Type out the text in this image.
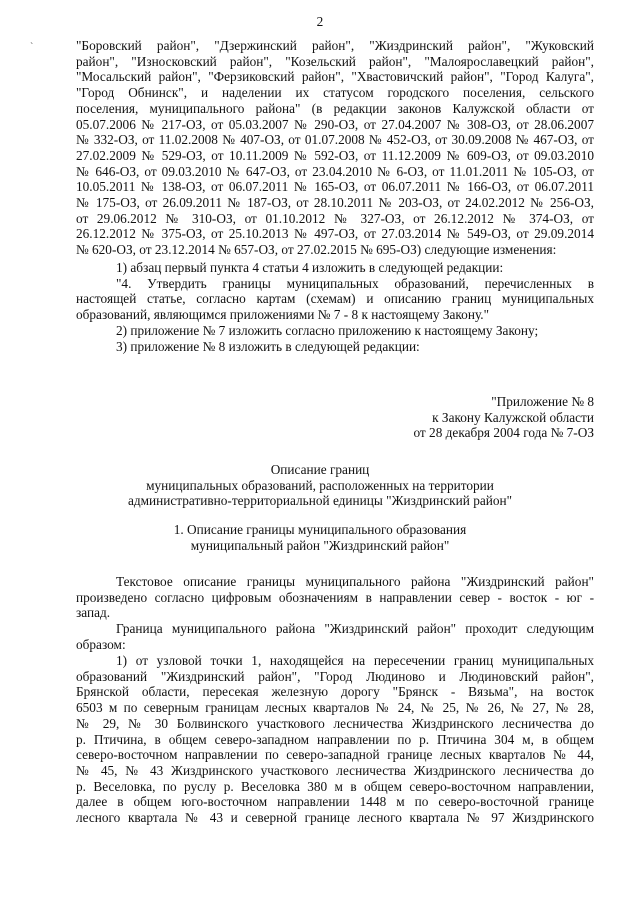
2
ˋ	"Боровский район", "Дзержинский район", "Жиздринский район", "Жуковский
район", "Износковский район", "Козельский район", "Малоярославецкий район",
"Мосальский район", "Ферзиковский район", "Хвастовичский район", "Город Калуга",
"Город Обнинск", и наделении их статусом городского поселения, сельского
поселения, муниципального района" (в редакции законов Калужской области от
05.07.2006 № 217-ОЗ, от 05.03.2007 № 290-ОЗ, от 27.04.2007 № 308-ОЗ, от 28.06.2007
№ 332-ОЗ, от 11.02.2008 № 407-ОЗ, от 01.07.2008 № 452-ОЗ, от 30.09.2008 № 467-ОЗ, от
27.02.2009 № 529-ОЗ, от 10.11.2009 № 592-ОЗ, от 11.12.2009 № 609-ОЗ, от 09.03.2010
№ 646-ОЗ, от 09.03.2010 № 647-ОЗ, от 23.04.2010 № 6-ОЗ, от 11.01.2011 № 105-ОЗ, от
10.05.2011 № 138-ОЗ, от 06.07.2011 № 165-ОЗ, от 06.07.2011 № 166-ОЗ, от 06.07.2011
№ 175-ОЗ, от 26.09.2011 № 187-ОЗ, от 28.10.2011 № 203-ОЗ, от 24.02.2012 № 256-ОЗ,
от 29.06.2012 № 310-ОЗ, от 01.10.2012 № 327-ОЗ, от 26.12.2012 № 374-ОЗ, от
26.12.2012 № 375-ОЗ, от 25.10.2013 № 497-ОЗ, от 27.03.2014 № 549-ОЗ, от 29.09.2014
№ 620-ОЗ, от 23.12.2014 № 657-ОЗ, от 27.02.2015 № 695-ОЗ) следующие изменения:
1) абзац первый пункта 4 статьи 4 изложить в следующей редакции:
"4. Утвердить границы муниципальных образований, перечисленных в
настоящей статье, согласно картам (схемам) и описанию границ муниципальных
образований, являющимся приложениями № 7 - 8 к настоящему Закону."
2) приложение № 7 изложить согласно приложению к настоящему Закону;
3) приложение № 8 изложить в следующей редакции:
"Приложение № 8
к Закону Калужской области
от 28 декабря 2004 года № 7-ОЗ
Описание границ
муниципальных образований, расположенных на территории
административно-территориальной единицы "Жиздринский район"
1. Описание границы муниципального образования
муниципальный район "Жиздринский район"
Текстовое описание границы муниципального района "Жиздринский район"
произведено согласно цифровым обозначениям в направлении север - восток - юг -
запад.
Граница муниципального района "Жиздринский район" проходит следующим
образом:
1) от узловой точки 1, находящейся на пересечении границ муниципальных
образований "Жиздринский район", "Город Людиново и Людиновский район",
Брянской области, пересекая железную дорогу "Брянск - Вязьма", на восток
6503 м по северным границам лесных кварталов № 24, № 25, № 26, № 27, № 28,
№ 29, № 30 Болвинского участкового лесничества Жиздринского лесничества до
р. Птичина, в общем северо-западном направлении по р. Птичина 304 м, в общем
северо-восточном направлении по северо-западной границе лесных кварталов № 44,
№ 45, № 43 Жиздринского участкового лесничества Жиздринского лесничества до
р. Веселовка, по руслу р. Веселовка 380 м в общем северо-восточном направлении,
далее в общем юго-восточном направлении 1448 м по северо-восточной границе
лесного квартала № 43 и северной границе лесного квартала № 97 Жиздринского
